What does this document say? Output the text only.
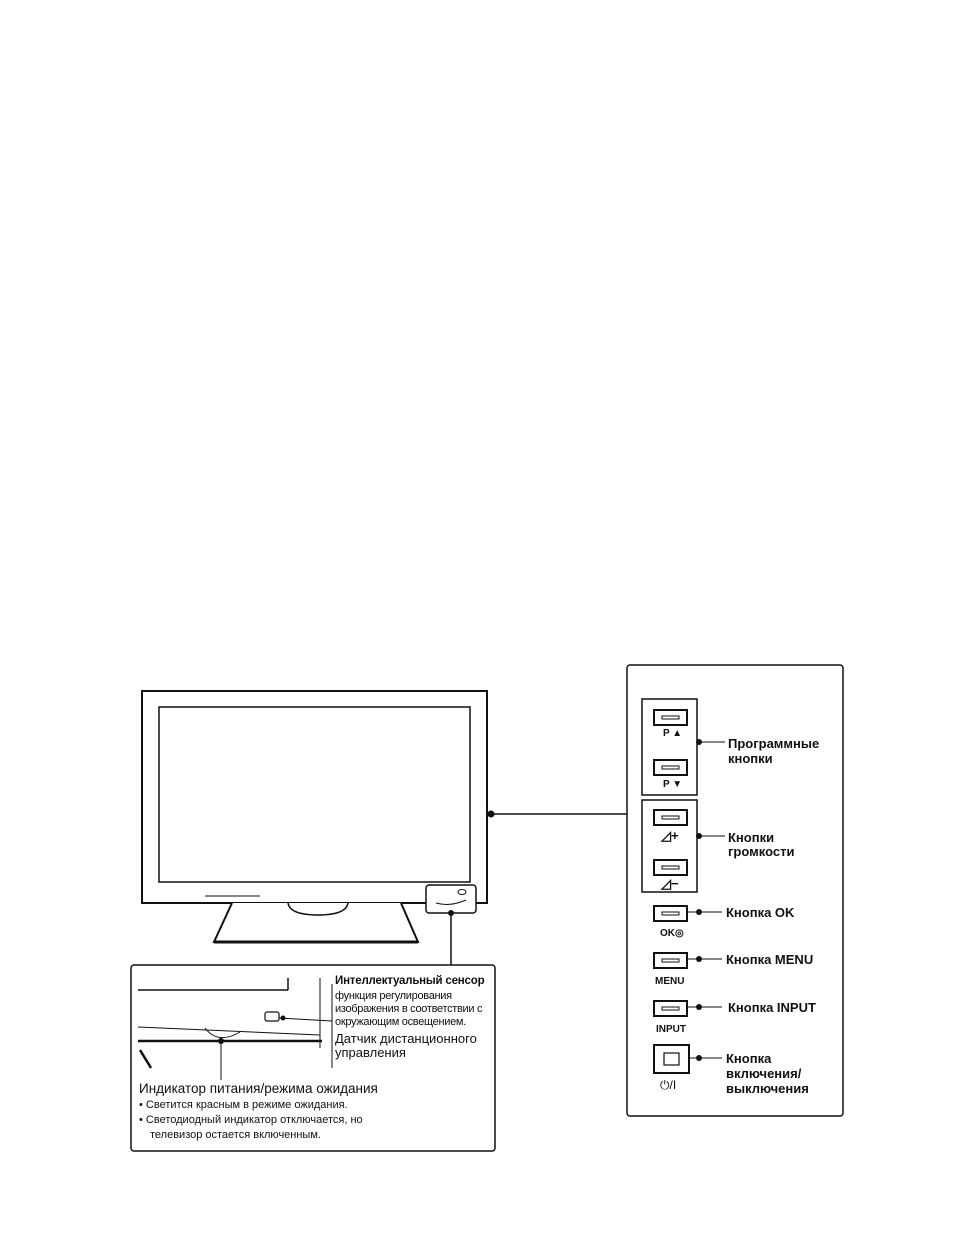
P ▲
P ▼
◿+
◿−
OK◎
MENU
INPUT
⏻/I
Программные
кнопки
Кнопки
громкости
Кнопка OK
Кнопка MENU
Кнопка INPUT
Кнопка
включения/
выключения
Интеллектуальный сенсор
функция регулирования
изображения в соответствии с
окружающим освещением.
Датчик дистанционного
управления
Индикатор питания/режима ожидания
• Светится красным в режиме ожидания.
• Светодиодный индикатор отключается, но
телевизор остается включенным.
